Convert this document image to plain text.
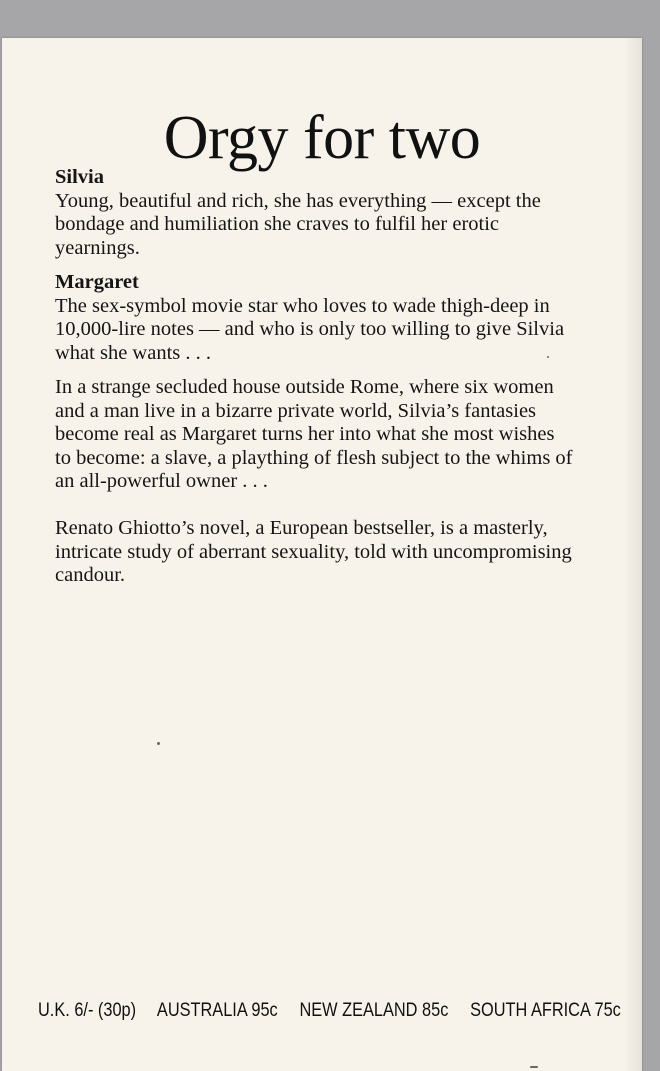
Orgy for two

Silvia

Young, beautiful and rich, she has everything — except the bondage and humiliation she craves to fulfil her erotic yearnings.

Margaret

The sex-symbol movie star who loves to wade thigh-deep in 10,000-lire notes — and who is only too willing to give Silvia what she wants . . .

In a strange secluded house outside Rome, where six women and a man live in a bizarre private world, Silvia’s fantasies become real as Margaret turns her into what she most wishes to become: a slave, a plaything of flesh subject to the whims of an all-powerful owner . . .

Renato Ghiotto’s novel, a European bestseller, is a masterly, intricate study of aberrant sexuality, told with uncompromising candour.

U.K. 6/- (30p) AUSTRALIA 95c NEW ZEALAND 85c SOUTH AFRICA 75c
